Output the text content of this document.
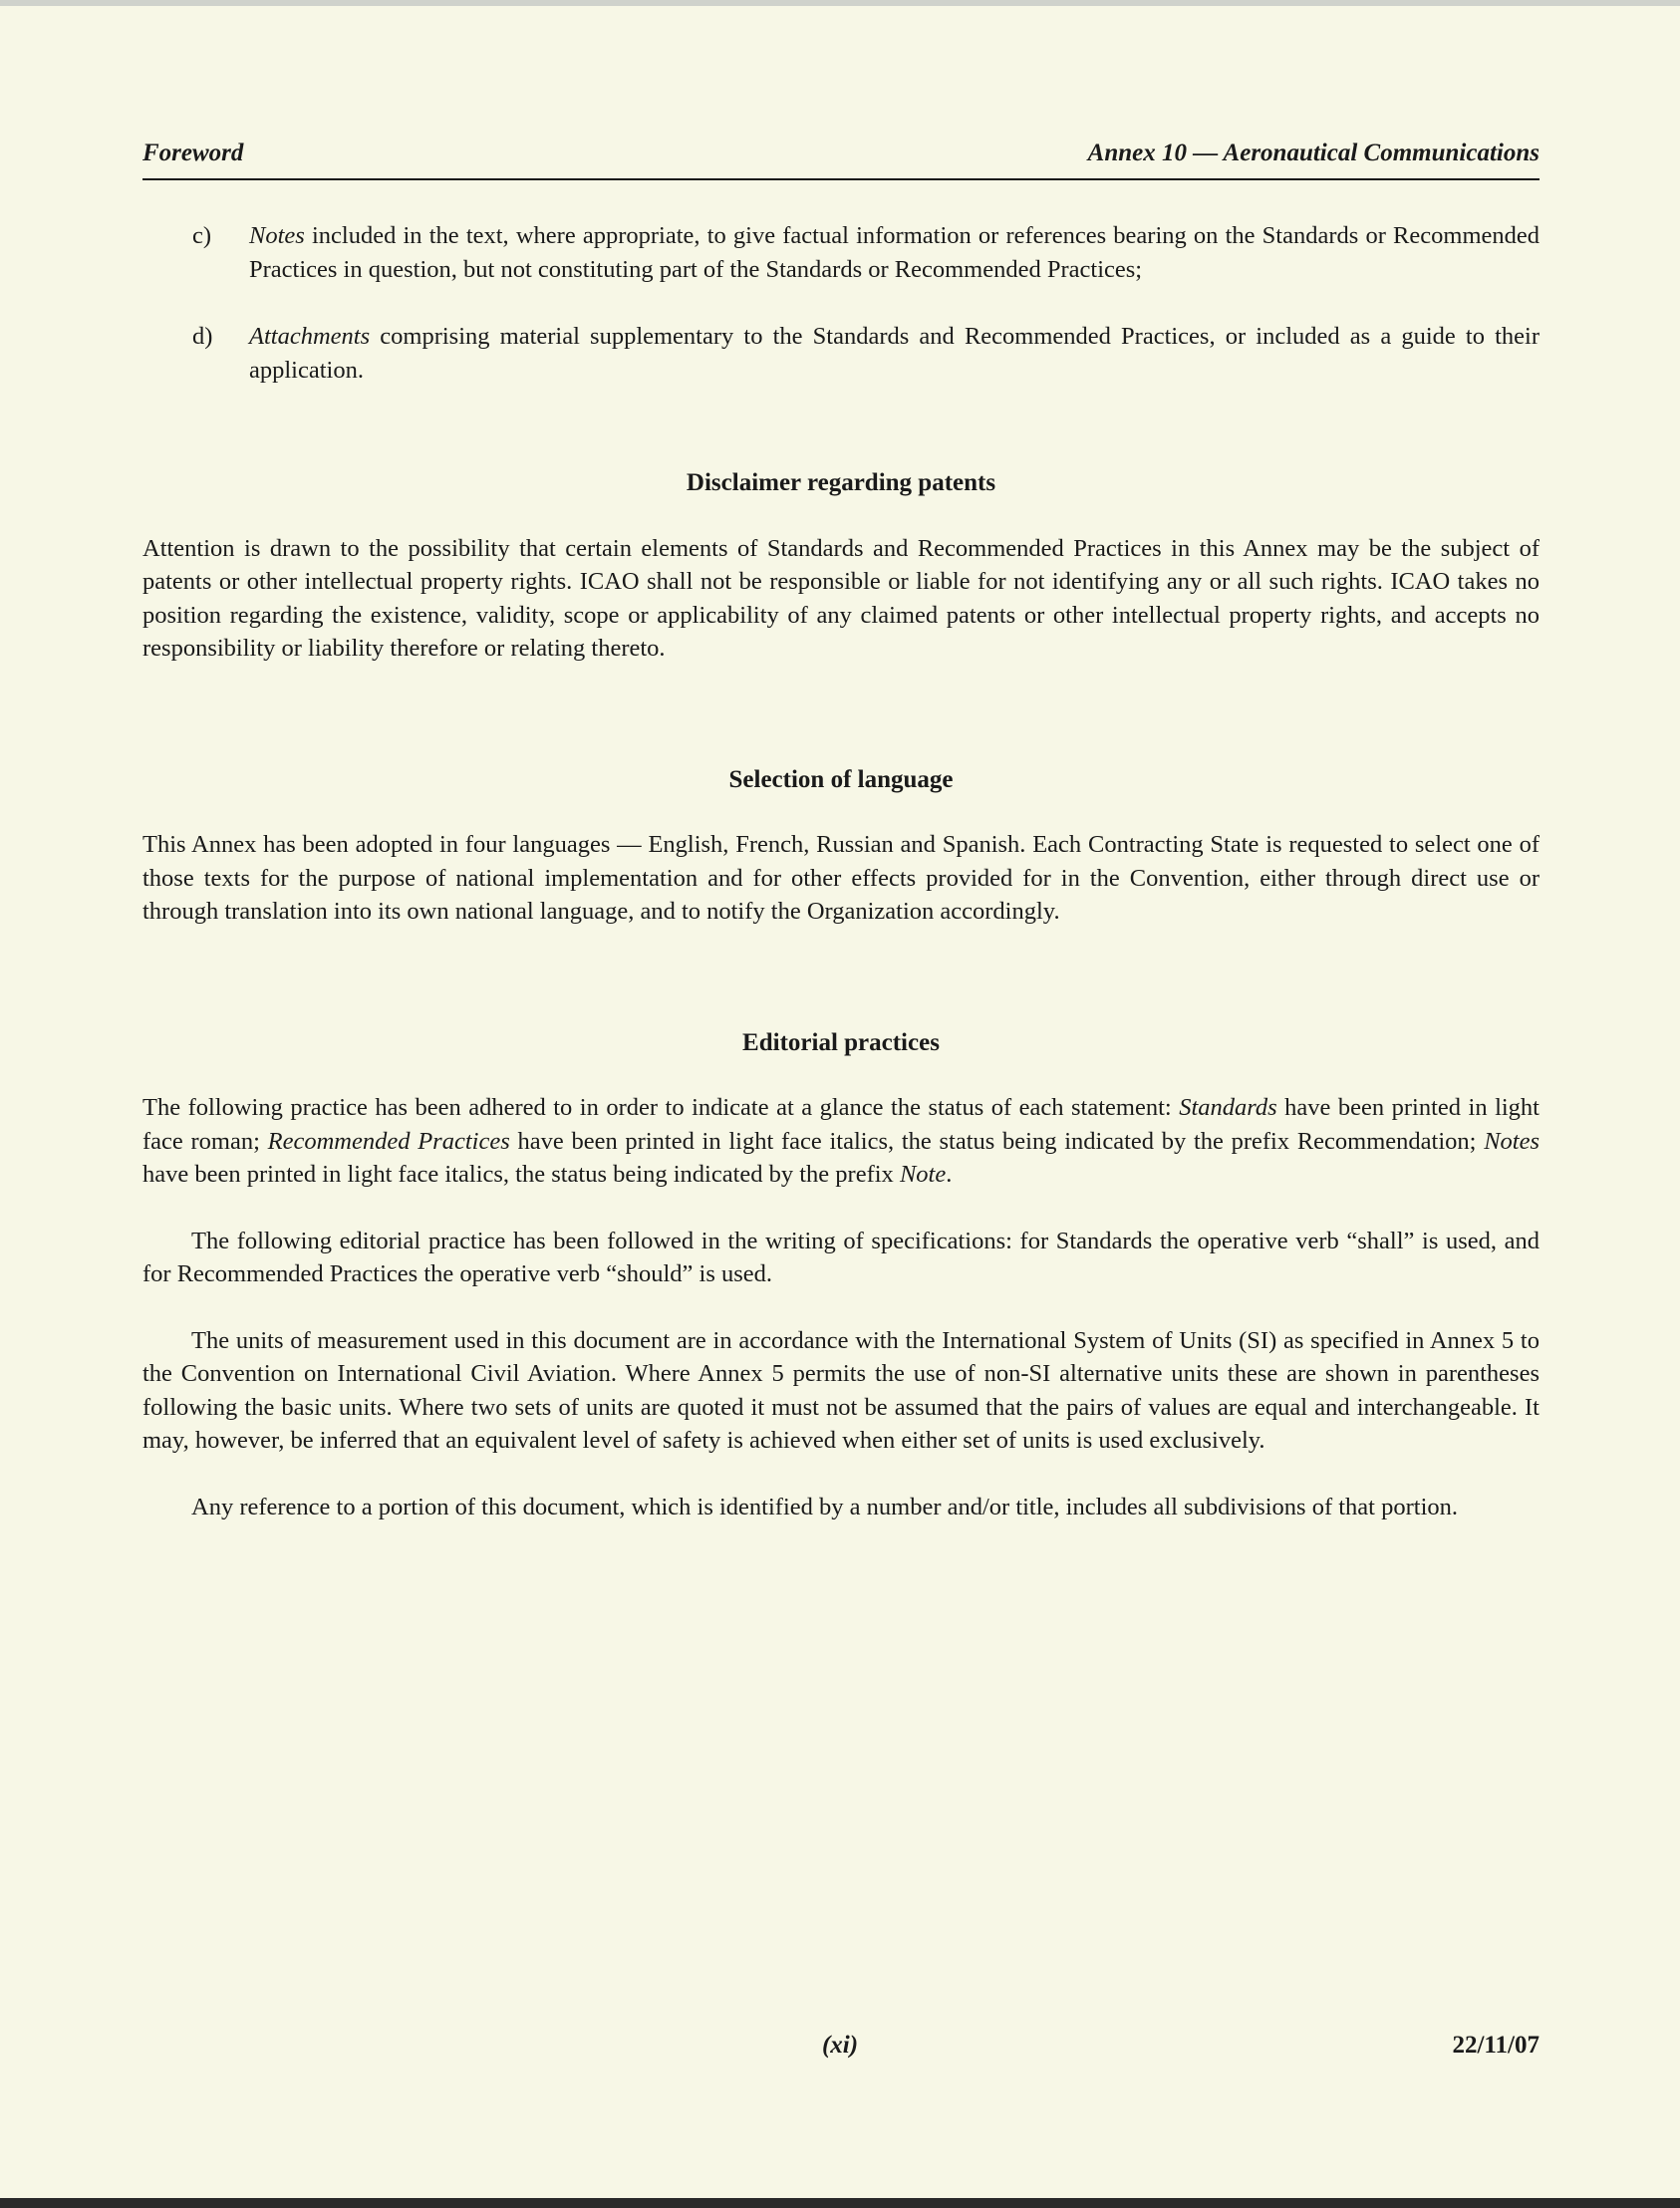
Foreword	Annex 10 — Aeronautical Communications
c)	Notes included in the text, where appropriate, to give factual information or references bearing on the Standards or Recommended Practices in question, but not constituting part of the Standards or Recommended Practices;
d)	Attachments comprising material supplementary to the Standards and Recommended Practices, or included as a guide to their application.
Disclaimer regarding patents

Attention is drawn to the possibility that certain elements of Standards and Recommended Practices in this Annex may be the subject of patents or other intellectual property rights. ICAO shall not be responsible or liable for not identifying any or all such rights. ICAO takes no position regarding the existence, validity, scope or applicability of any claimed patents or other intellectual property rights, and accepts no responsibility or liability therefore or relating thereto.

Selection of language

This Annex has been adopted in four languages — English, French, Russian and Spanish. Each Contracting State is requested to select one of those texts for the purpose of national implementation and for other effects provided for in the Convention, either through direct use or through translation into its own national language, and to notify the Organization accordingly.

Editorial practices

The following practice has been adhered to in order to indicate at a glance the status of each statement: Standards have been printed in light face roman; Recommended Practices have been printed in light face italics, the status being indicated by the prefix Recommendation; Notes have been printed in light face italics, the status being indicated by the prefix Note.

The following editorial practice has been followed in the writing of specifications: for Standards the operative verb “shall” is used, and for Recommended Practices the operative verb “should” is used.

The units of measurement used in this document are in accordance with the International System of Units (SI) as specified in Annex 5 to the Convention on International Civil Aviation. Where Annex 5 permits the use of non-SI alternative units these are shown in parentheses following the basic units. Where two sets of units are quoted it must not be assumed that the pairs of values are equal and interchangeable. It may, however, be inferred that an equivalent level of safety is achieved when either set of units is used exclusively.

Any reference to a portion of this document, which is identified by a number and/or title, includes all subdivisions of that portion.

(xi)	22/11/07
